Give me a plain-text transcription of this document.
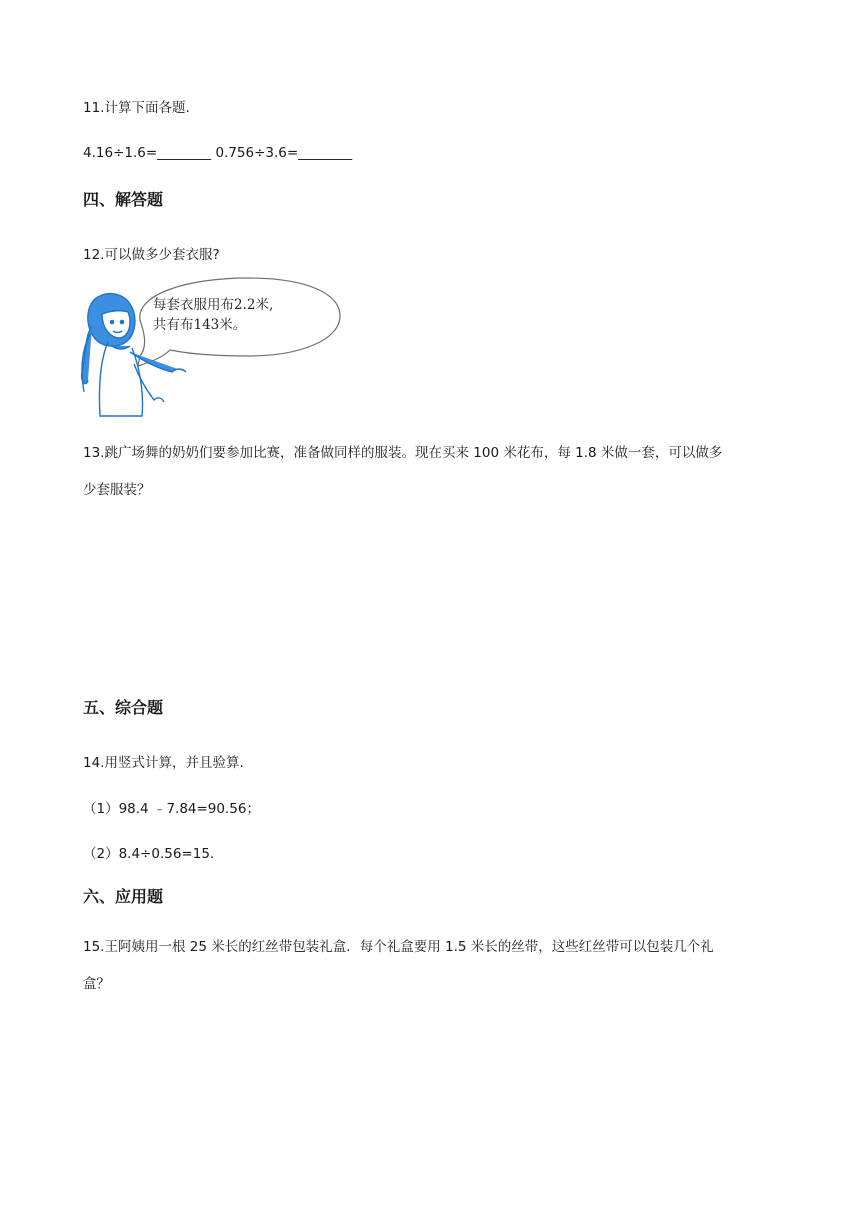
11.计算下面各题.
4.16÷1.6=________ 0.756÷3.6=________
四、解答题
12.可以做多少套衣服?
每套衣服用布2.2米,
共有布143米。
13.跳广场舞的奶奶们要参加比赛，准备做同样的服装。现在买来 100 米花布，每 1.8 米做一套，可以做多
少套服装？
五、综合题
14.用竖式计算，并且验算.
（1）98.4 ﹣7.84=90.56；
（2）8.4÷0.56=15.
六、应用题
15.王阿姨用一根 25 米长的红丝带包装礼盒．每个礼盒要用 1.5 米长的丝带，这些红丝带可以包装几个礼
盒？
